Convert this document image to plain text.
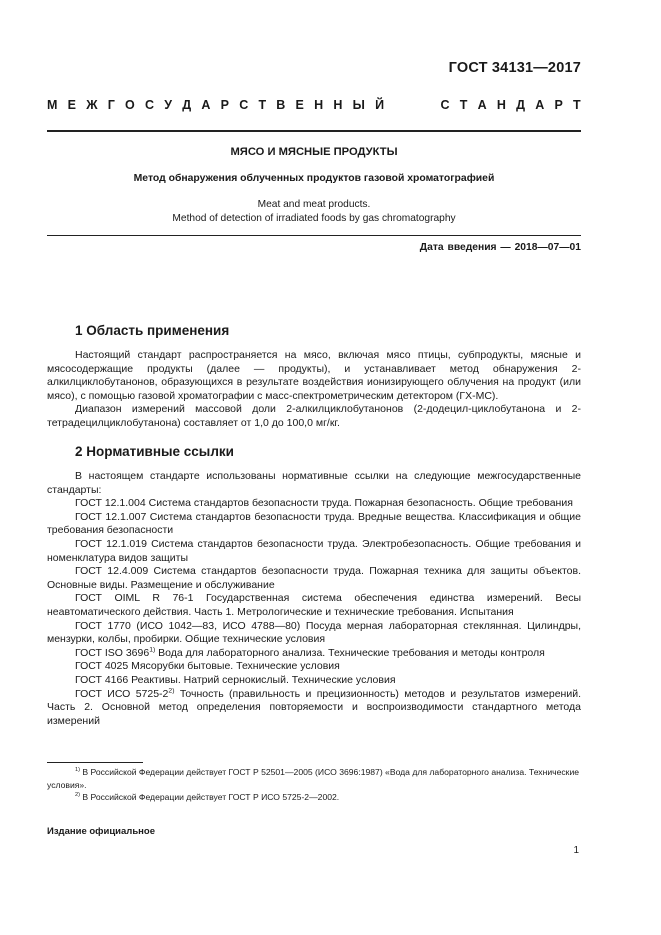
ГОСТ 34131—2017
М Е Ж Г О С У Д А Р С Т В Е Н Н Ы Й	С Т А Н Д А Р Т
МЯСО И МЯСНЫЕ ПРОДУКТЫ
Метод обнаружения облученных продуктов газовой хроматографией
Meat and meat products.
Method of detection of irradiated foods by gas chromatography
Дата введения — 2018—07—01
1 Область применения

Настоящий стандарт распространяется на мясо, включая мясо птицы, субпродукты, мясные и мясосодержащие продукты (далее — продукты), и устанавливает метод обнаружения 2-алкилциклобутанонов, образующихся в результате воздействия ионизирующего облучения на продукт (или мясо), с помощью газовой хроматографии с масс-спектрометрическим детектором (ГХ-МС).

Диапазон измерений массовой доли 2-алкилциклобутанонов (2-додецил-циклобутанона и 2-тетрадецилциклобутанона) составляет от 1,0 до 100,0 мг/кг.

2 Нормативные ссылки

В настоящем стандарте использованы нормативные ссылки на следующие межгосударственные стандарты:

ГОСТ 12.1.004 Система стандартов безопасности труда. Пожарная безопасность. Общие требования

ГОСТ 12.1.007 Система стандартов безопасности труда. Вредные вещества. Классификация и общие требования безопасности

ГОСТ 12.1.019 Система стандартов безопасности труда. Электробезопасность. Общие требования и номенклатура видов защиты

ГОСТ 12.4.009 Система стандартов безопасности труда. Пожарная техника для защиты объектов. Основные виды. Размещение и обслуживание

ГОСТ OIML R 76-1 Государственная система обеспечения единства измерений. Весы неавтоматического действия. Часть 1. Метрологические и технические требования. Испытания

ГОСТ 1770 (ИСО 1042—83, ИСО 4788—80) Посуда мерная лабораторная стеклянная. Цилиндры, мензурки, колбы, пробирки. Общие технические условия

ГОСТ ISO 3696$^{1)}$ Вода для лабораторного анализа. Технические требования и методы контроля

ГОСТ 4025 Мясорубки бытовые. Технические условия

ГОСТ 4166 Реактивы. Натрий сернокислый. Технические условия

ГОСТ ИСО 5725-2$^{2)}$ Точность (правильность и прецизионность) методов и результатов измерений. Часть 2. Основной метод определения повторяемости и воспроизводимости стандартного метода измерений

$^{1)}$ В Российской Федерации действует ГОСТ Р 52501—2005 (ИСО 3696:1987) «Вода для лабораторного анализа. Технические условия».

$^{2)}$ В Российской Федерации действует ГОСТ Р ИСО 5725-2—2002.

Издание официальное
1
